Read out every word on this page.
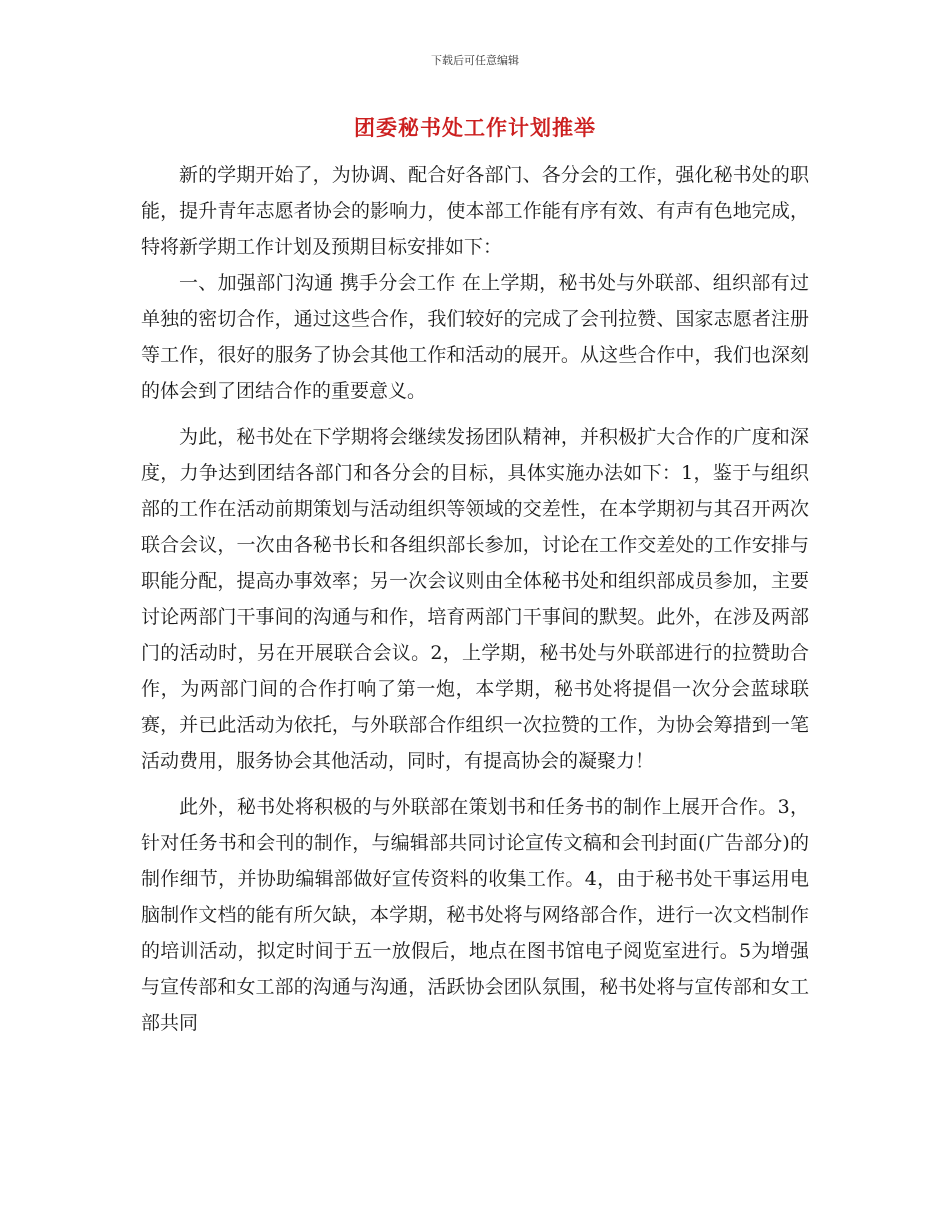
下载后可任意编辑
团委秘书处工作计划推举

新的学期开始了，为协调、配合好各部门、各分会的工作，强化秘书处的职能，提升青年志愿者协会的影响力，使本部工作能有序有效、有声有色地完成，特将新学期工作计划及预期目标安排如下：

一、加强部门沟通 携手分会工作 在上学期，秘书处与外联部、组织部有过单独的密切合作，通过这些合作，我们较好的完成了会刊拉赞、国家志愿者注册等工作，很好的服务了协会其他工作和活动的展开。从这些合作中，我们也深刻的体会到了团结合作的重要意义。

为此，秘书处在下学期将会继续发扬团队精神，并积极扩大合作的广度和深度，力争达到团结各部门和各分会的目标，具体实施办法如下：1，鉴于与组织部的工作在活动前期策划与活动组织等领域的交差性，在本学期初与其召开两次联合会议，一次由各秘书长和各组织部长参加，讨论在工作交差处的工作安排与职能分配，提高办事效率；另一次会议则由全体秘书处和组织部成员参加，主要讨论两部门干事间的沟通与和作，培育两部门干事间的默契。此外，在涉及两部门的活动时，另在开展联合会议。2，上学期，秘书处与外联部进行的拉赞助合作，为两部门间的合作打响了第一炮，本学期，秘书处将提倡一次分会蓝球联赛，并已此活动为依托，与外联部合作组织一次拉赞的工作，为协会筹措到一笔活动费用，服务协会其他活动，同时，有提高协会的凝聚力！

此外，秘书处将积极的与外联部在策划书和任务书的制作上展开合作。3，针对任务书和会刊的制作，与编辑部共同讨论宣传文稿和会刊封面(广告部分)的制作细节，并协助编辑部做好宣传资料的收集工作。4，由于秘书处干事运用电脑制作文档的能有所欠缺，本学期，秘书处将与网络部合作，进行一次文档制作的培训活动，拟定时间于五一放假后，地点在图书馆电子阅览室进行。5为增强与宣传部和女工部的沟通与沟通，活跃协会团队氛围，秘书处将与宣传部和女工部共同
